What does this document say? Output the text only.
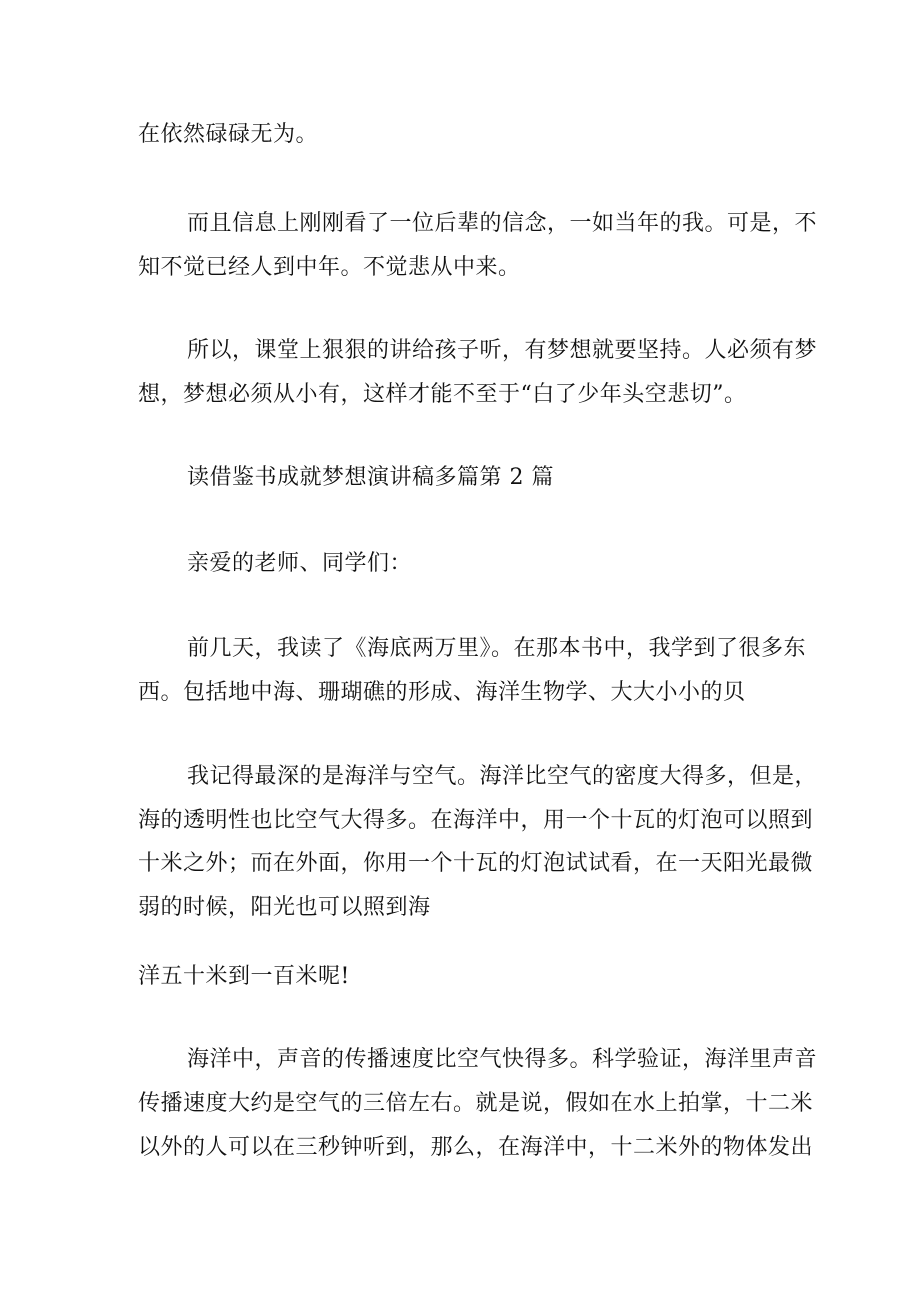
在依然碌碌无为。
而且信息上刚刚看了一位后辈的信念，一如当年的我。可是，不
知不觉已经人到中年。不觉悲从中来。
所以，课堂上狠狠的讲给孩子听，有梦想就要坚持。人必须有梦
想，梦想必须从小有，这样才能不至于“白了少年头空悲切”。
读借鉴书成就梦想演讲稿多篇第 2 篇
亲爱的老师、同学们：
前几天，我读了《海底两万里》。在那本书中，我学到了很多东
西。包括地中海、珊瑚礁的形成、海洋生物学、大大小小的贝
我记得最深的是海洋与空气。海洋比空气的密度大得多，但是，
海的透明性也比空气大得多。在海洋中，用一个十瓦的灯泡可以照到
十米之外；而在外面，你用一个十瓦的灯泡试试看，在一天阳光最微
弱的时候，阳光也可以照到海
洋五十米到一百米呢!
海洋中，声音的传播速度比空气快得多。科学验证，海洋里声音
传播速度大约是空气的三倍左右。就是说，假如在水上拍掌，十二米
以外的人可以在三秒钟听到，那么，在海洋中，十二米外的物体发出
